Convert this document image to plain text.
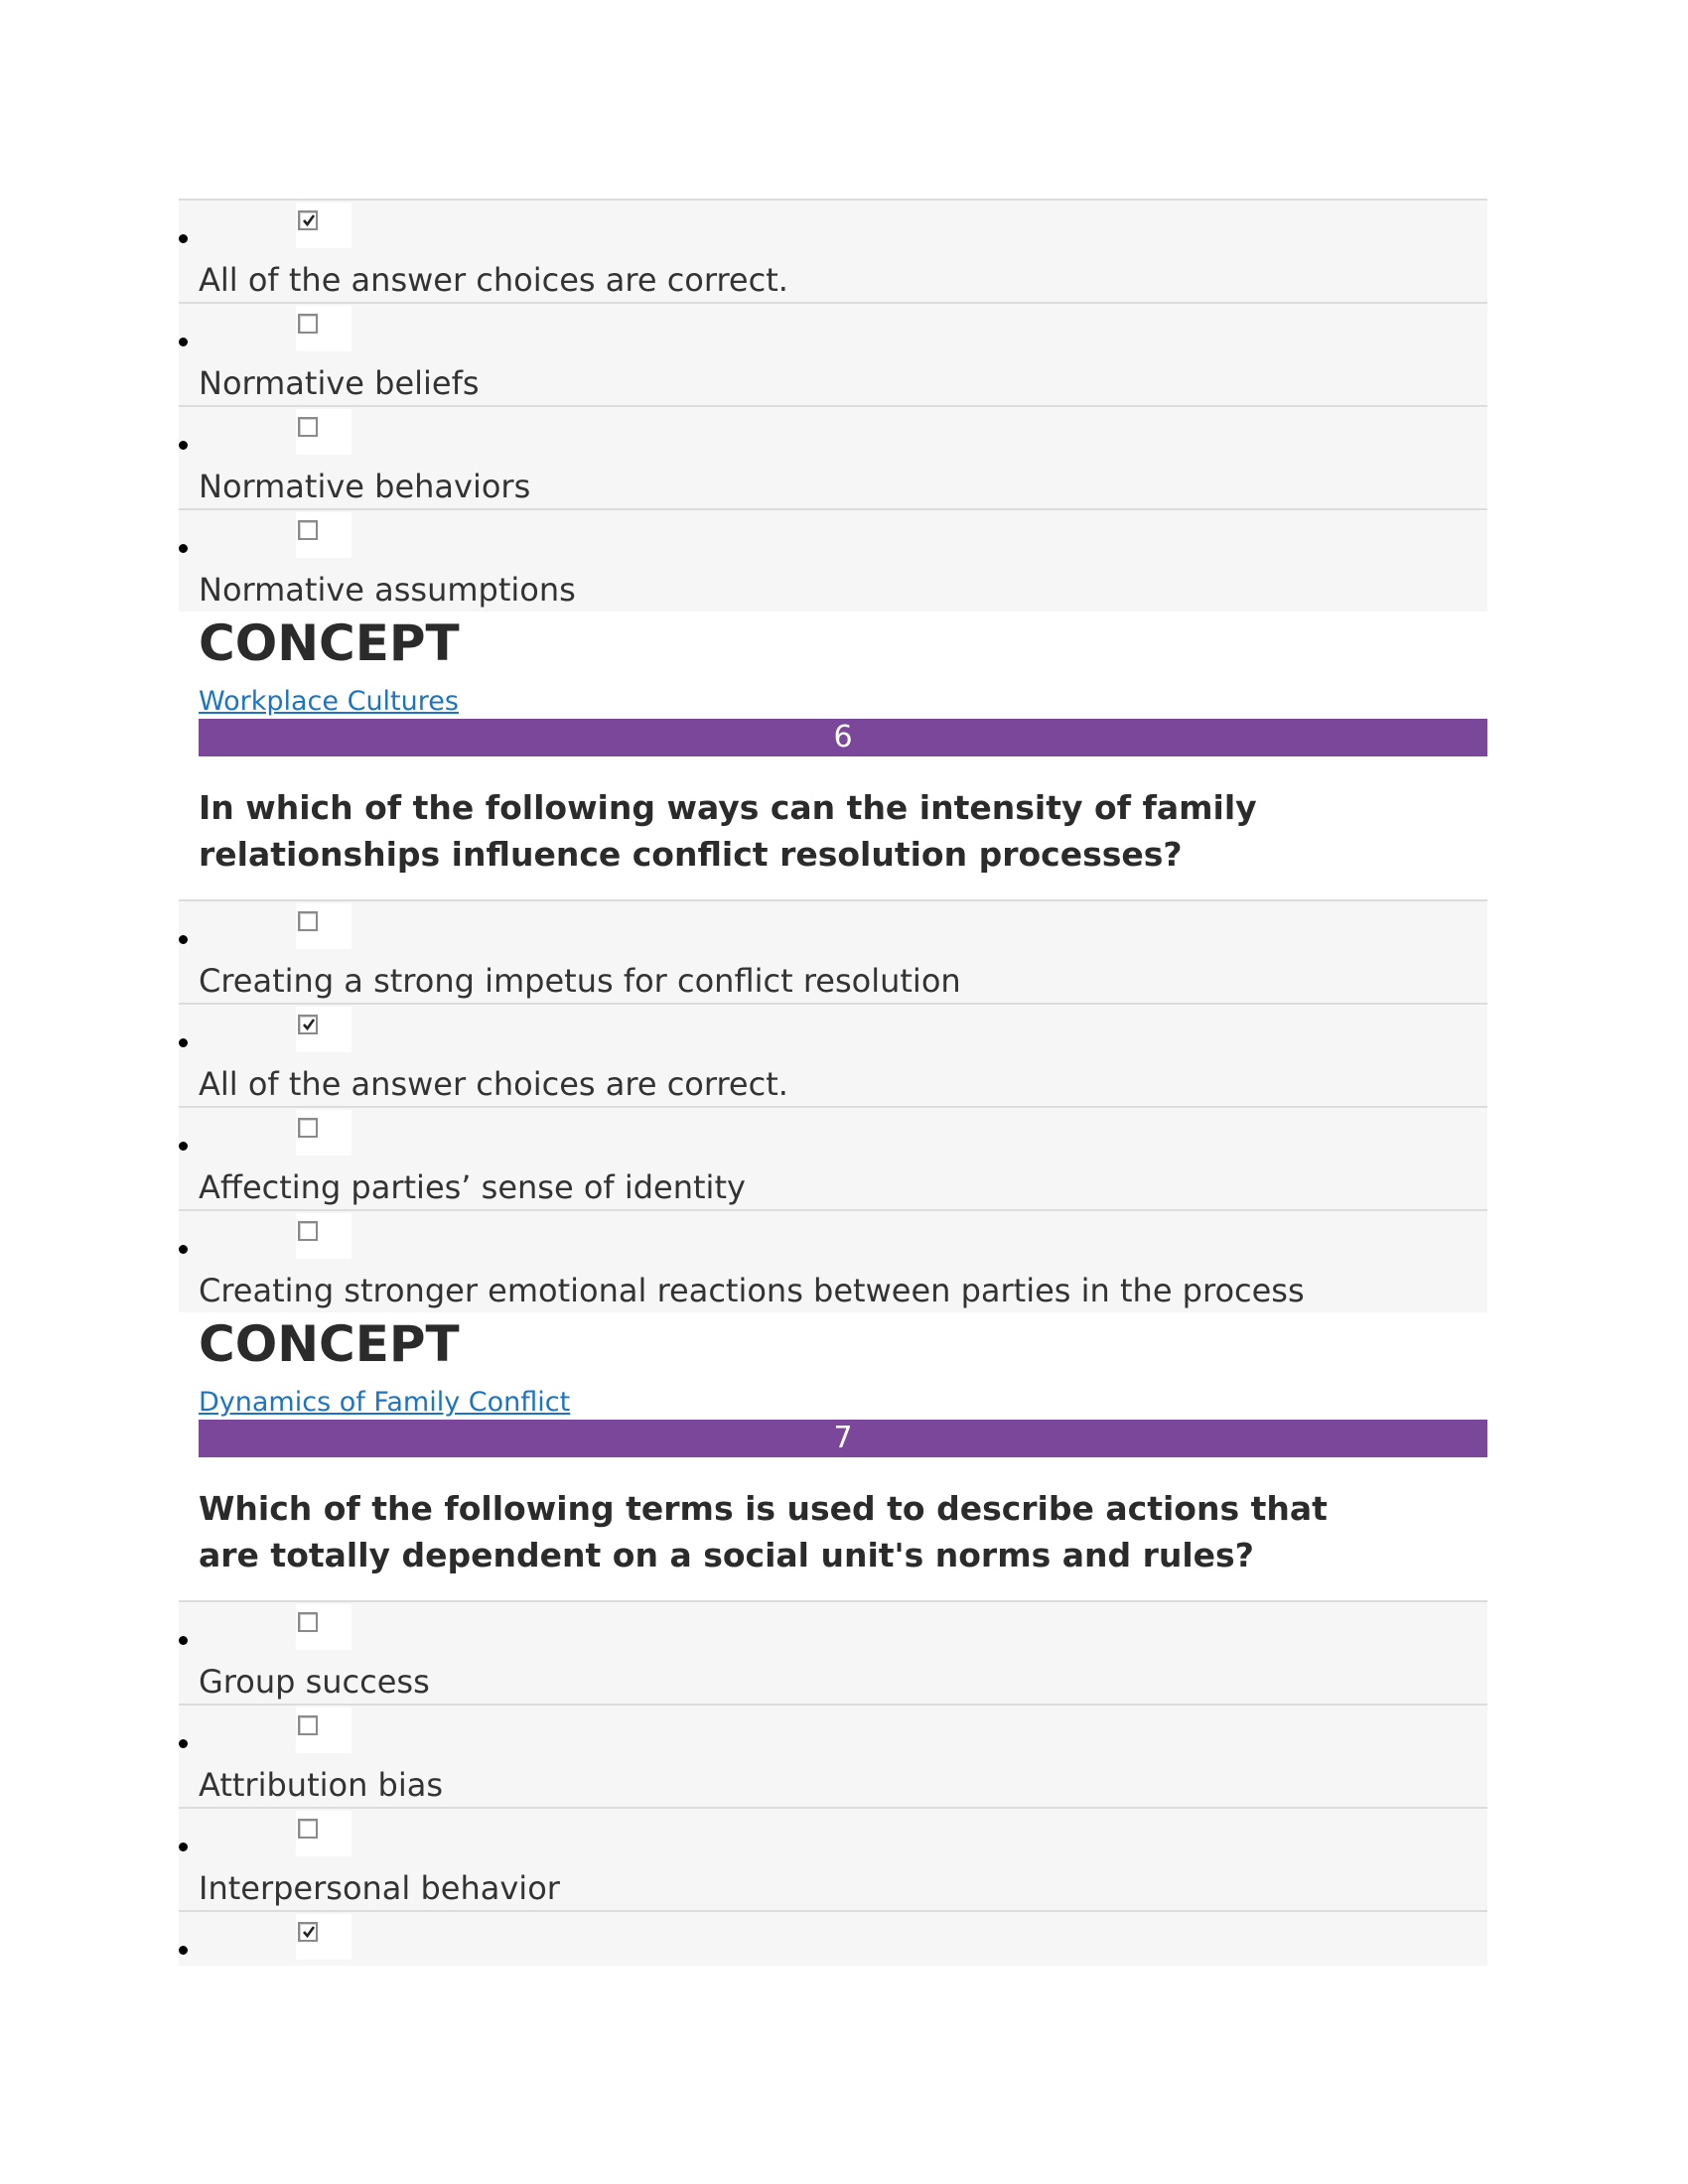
All of the answer choices are correct.
Normative beliefs
Normative behaviors
Normative assumptions
CONCEPT
Workplace Cultures
6
In which of the following ways can the intensity of family relationships influence conflict resolution processes?
Creating a strong impetus for conflict resolution
All of the answer choices are correct.
Affecting parties’ sense of identity
Creating stronger emotional reactions between parties in the process
CONCEPT
Dynamics of Family Conflict
7
Which of the following terms is used to describe actions that are totally dependent on a social unit's norms and rules?
Group success
Attribution bias
Interpersonal behavior
